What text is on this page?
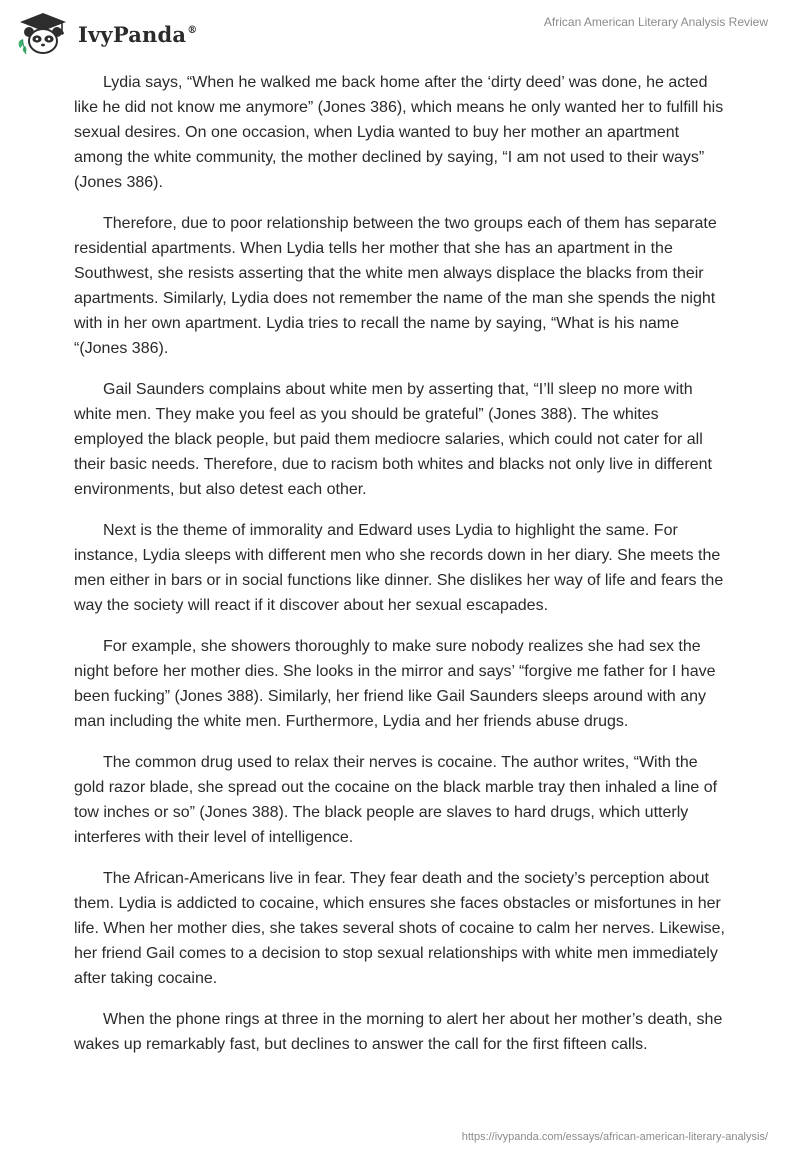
IvyPanda®
African American Literary Analysis Review

Lydia says, “When he walked me back home after the ‘dirty deed’ was done, he acted like he did not know me anymore” (Jones 386), which means he only wanted her to fulfill his sexual desires. On one occasion, when Lydia wanted to buy her mother an apartment among the white community, the mother declined by saying, “I am not used to their ways” (Jones 386).

Therefore, due to poor relationship between the two groups each of them has separate residential apartments. When Lydia tells her mother that she has an apartment in the Southwest, she resists asserting that the white men always displace the blacks from their apartments. Similarly, Lydia does not remember the name of the man she spends the night with in her own apartment. Lydia tries to recall the name by saying, “What is his name “(Jones 386).

Gail Saunders complains about white men by asserting that, “I’ll sleep no more with white men. They make you feel as you should be grateful” (Jones 388). The whites employed the black people, but paid them mediocre salaries, which could not cater for all their basic needs. Therefore, due to racism both whites and blacks not only live in different environments, but also detest each other.

Next is the theme of immorality and Edward uses Lydia to highlight the same. For instance, Lydia sleeps with different men who she records down in her diary. She meets the men either in bars or in social functions like dinner. She dislikes her way of life and fears the way the society will react if it discover about her sexual escapades.

For example, she showers thoroughly to make sure nobody realizes she had sex the night before her mother dies. She looks in the mirror and says’ “forgive me father for I have been fucking” (Jones 388). Similarly, her friend like Gail Saunders sleeps around with any man including the white men. Furthermore, Lydia and her friends abuse drugs.

The common drug used to relax their nerves is cocaine. The author writes, “With the gold razor blade, she spread out the cocaine on the black marble tray then inhaled a line of tow inches or so” (Jones 388). The black people are slaves to hard drugs, which utterly interferes with their level of intelligence.

The African-Americans live in fear. They fear death and the society’s perception about them. Lydia is addicted to cocaine, which ensures she faces obstacles or misfortunes in her life. When her mother dies, she takes several shots of cocaine to calm her nerves. Likewise, her friend Gail comes to a decision to stop sexual relationships with white men immediately after taking cocaine.

When the phone rings at three in the morning to alert her about her mother’s death, she wakes up remarkably fast, but declines to answer the call for the first fifteen calls.

https://ivypanda.com/essays/african-american-literary-analysis/
